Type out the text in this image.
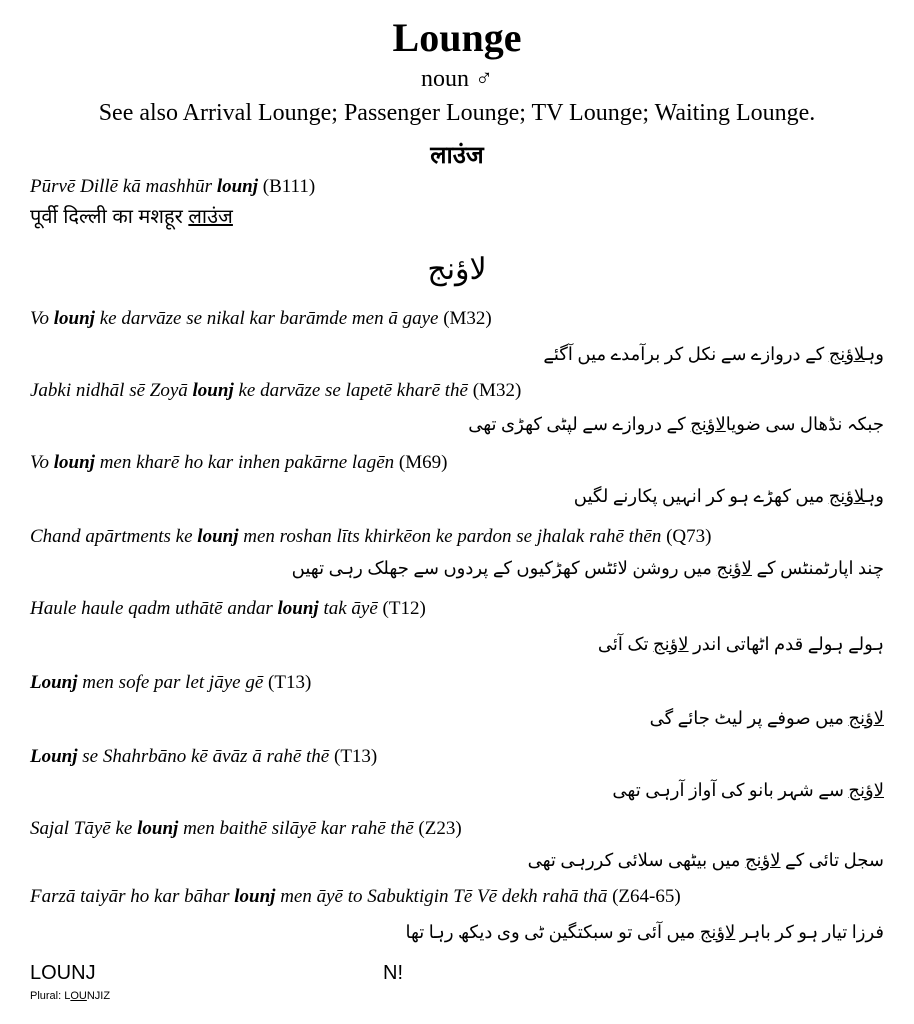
Lounge
noun ♂
See also Arrival Lounge; Passenger Lounge; TV Lounge; Waiting Lounge.
लाउंज
Pūrvē Dillē kā mashhūr lounj (B111)
पूर्वी दिल्ली का मशहूर लाउंज
لاؤنج
Vo lounj ke darvāze se nikal kar barāmde men ā gaye (M32)
وہلاؤنج کے دروازے سے نکل کر برآمدے میں آگئے
Jabki nidhāl sē Zoyā lounj ke darvāze se lapetē kharē thē (M32)
جبکہ نڈھال سی ضویالاؤنج کے دروازے سے لپٹی کھڑی تھی
Vo lounj men kharē ho kar inhen pakārne lagēn (M69)
وہلاؤنج میں کھڑے ہو کر انہیں پکارنے لگیں
Chand apārtments ke lounj men roshan līts khirkēon ke pardon se jhalak rahē thēn (Q73)
چند اپارٹمنٹس کے لاؤنج میں روشن لائٹس کھڑکیوں کے پردوں سے جھلک رہی تھیں
Haule haule qadm uthātē andar lounj tak āyē (T12)
ہولے ہولے قدم اٹھاتی اندر لاؤنج تک آئی
Lounj men sofe par let jāye gē (T13)
لاؤنج میں صوفے پر لیٹ جائے گی
Lounj se Shahrbāno kē āvāz ā rahē thē (T13)
لاؤنج سے شہر بانو کی آواز آرہی تھی
Sajal Tāyē ke lounj men baithē silāyē kar rahē thē (Z23)
سجل تائی کے لاؤنج میں بیٹھی سلائی کررہی تھی
Farzā taiyār ho kar bāhar lounj men āyē to Sabuktigin Tē Vē dekh rahā thā (Z64-65)
فرزا تیار ہو کر باہر لاؤنج میں آئی تو سبکتگین ٹی وی دیکھ رہا تھا
LOUNJ	N!
Plural: LOUNJIZ
